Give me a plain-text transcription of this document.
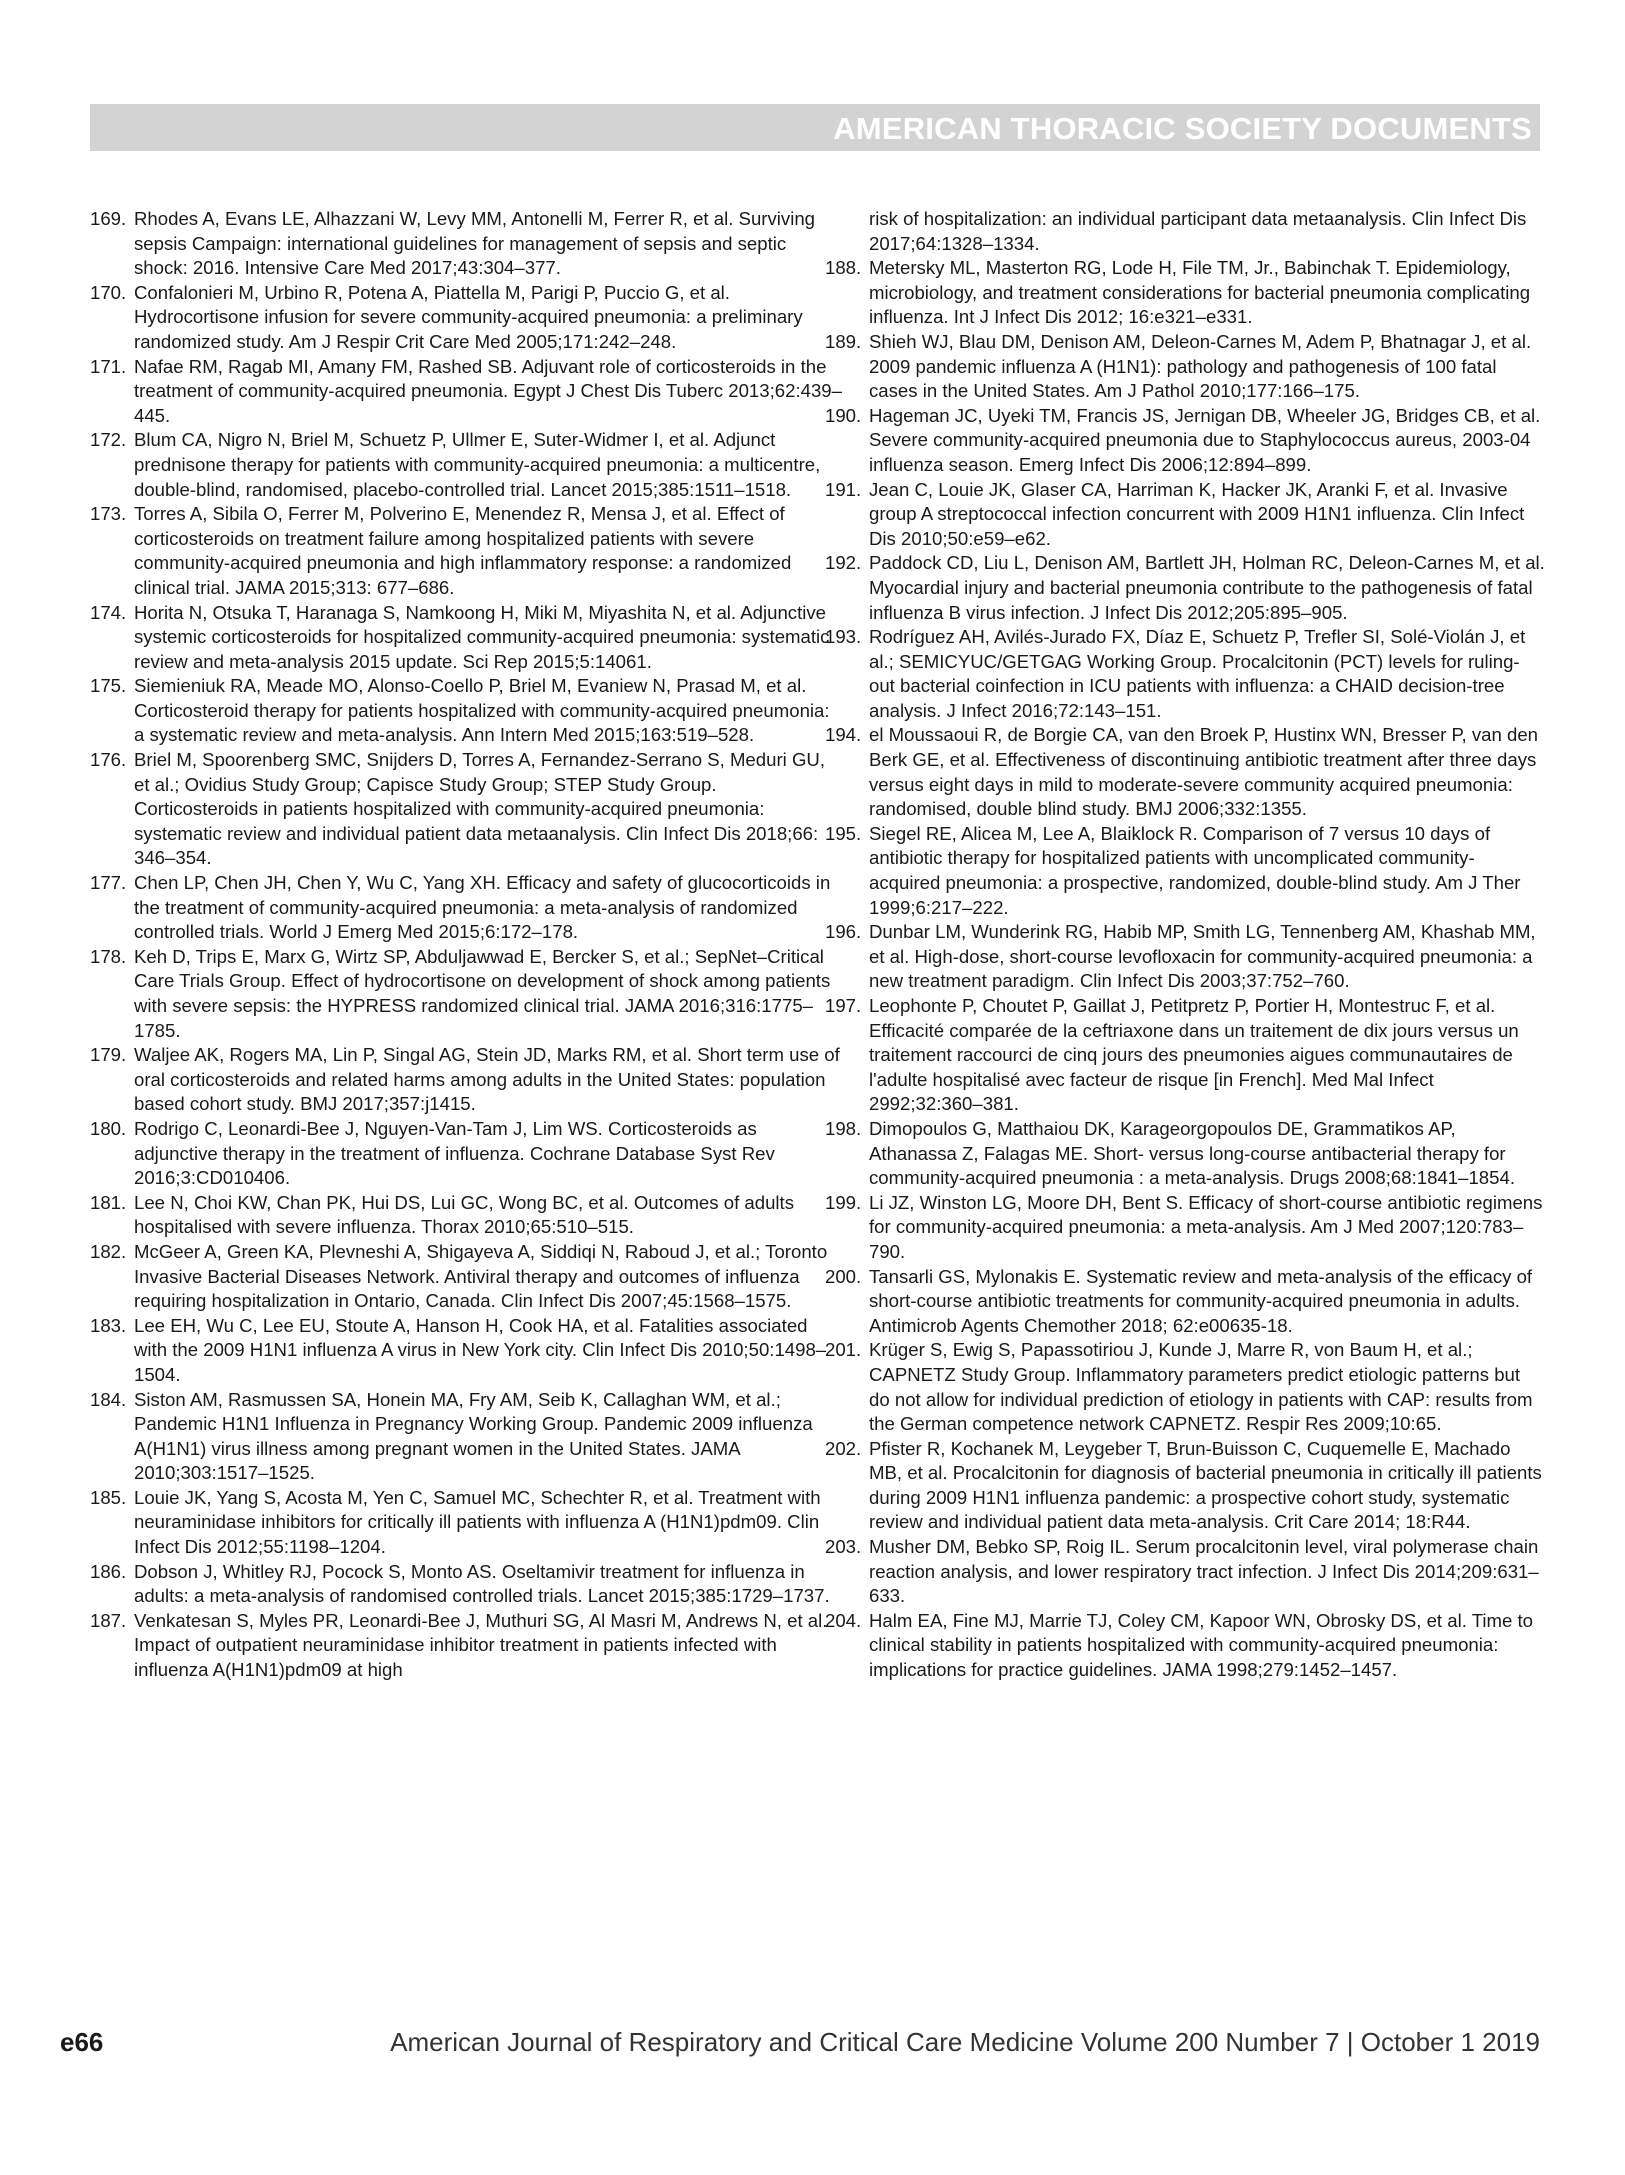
AMERICAN THORACIC SOCIETY DOCUMENTS
169. Rhodes A, Evans LE, Alhazzani W, Levy MM, Antonelli M, Ferrer R, et al. Surviving sepsis Campaign: international guidelines for management of sepsis and septic shock: 2016. Intensive Care Med 2017;43:304–377.
170. Confalonieri M, Urbino R, Potena A, Piattella M, Parigi P, Puccio G, et al. Hydrocortisone infusion for severe community-acquired pneumonia: a preliminary randomized study. Am J Respir Crit Care Med 2005;171:242–248.
171. Nafae RM, Ragab MI, Amany FM, Rashed SB. Adjuvant role of corticosteroids in the treatment of community-acquired pneumonia. Egypt J Chest Dis Tuberc 2013;62:439–445.
172. Blum CA, Nigro N, Briel M, Schuetz P, Ullmer E, Suter-Widmer I, et al. Adjunct prednisone therapy for patients with community-acquired pneumonia: a multicentre, double-blind, randomised, placebo-controlled trial. Lancet 2015;385:1511–1518.
173. Torres A, Sibila O, Ferrer M, Polverino E, Menendez R, Mensa J, et al. Effect of corticosteroids on treatment failure among hospitalized patients with severe community-acquired pneumonia and high inflammatory response: a randomized clinical trial. JAMA 2015;313: 677–686.
174. Horita N, Otsuka T, Haranaga S, Namkoong H, Miki M, Miyashita N, et al. Adjunctive systemic corticosteroids for hospitalized community-acquired pneumonia: systematic review and meta-analysis 2015 update. Sci Rep 2015;5:14061.
175. Siemieniuk RA, Meade MO, Alonso-Coello P, Briel M, Evaniew N, Prasad M, et al. Corticosteroid therapy for patients hospitalized with community-acquired pneumonia: a systematic review and meta-analysis. Ann Intern Med 2015;163:519–528.
176. Briel M, Spoorenberg SMC, Snijders D, Torres A, Fernandez-Serrano S, Meduri GU, et al.; Ovidius Study Group; Capisce Study Group; STEP Study Group. Corticosteroids in patients hospitalized with community-acquired pneumonia: systematic review and individual patient data metaanalysis. Clin Infect Dis 2018;66: 346–354.
177. Chen LP, Chen JH, Chen Y, Wu C, Yang XH. Efficacy and safety of glucocorticoids in the treatment of community-acquired pneumonia: a meta-analysis of randomized controlled trials. World J Emerg Med 2015;6:172–178.
178. Keh D, Trips E, Marx G, Wirtz SP, Abduljawwad E, Bercker S, et al.; SepNet–Critical Care Trials Group. Effect of hydrocortisone on development of shock among patients with severe sepsis: the HYPRESS randomized clinical trial. JAMA 2016;316:1775–1785.
179. Waljee AK, Rogers MA, Lin P, Singal AG, Stein JD, Marks RM, et al. Short term use of oral corticosteroids and related harms among adults in the United States: population based cohort study. BMJ 2017;357:j1415.
180. Rodrigo C, Leonardi-Bee J, Nguyen-Van-Tam J, Lim WS. Corticosteroids as adjunctive therapy in the treatment of influenza. Cochrane Database Syst Rev 2016;3:CD010406.
181. Lee N, Choi KW, Chan PK, Hui DS, Lui GC, Wong BC, et al. Outcomes of adults hospitalised with severe influenza. Thorax 2010;65:510–515.
182. McGeer A, Green KA, Plevneshi A, Shigayeva A, Siddiqi N, Raboud J, et al.; Toronto Invasive Bacterial Diseases Network. Antiviral therapy and outcomes of influenza requiring hospitalization in Ontario, Canada. Clin Infect Dis 2007;45:1568–1575.
183. Lee EH, Wu C, Lee EU, Stoute A, Hanson H, Cook HA, et al. Fatalities associated with the 2009 H1N1 influenza A virus in New York city. Clin Infect Dis 2010;50:1498–1504.
184. Siston AM, Rasmussen SA, Honein MA, Fry AM, Seib K, Callaghan WM, et al.; Pandemic H1N1 Influenza in Pregnancy Working Group. Pandemic 2009 influenza A(H1N1) virus illness among pregnant women in the United States. JAMA 2010;303:1517–1525.
185. Louie JK, Yang S, Acosta M, Yen C, Samuel MC, Schechter R, et al. Treatment with neuraminidase inhibitors for critically ill patients with influenza A (H1N1)pdm09. Clin Infect Dis 2012;55:1198–1204.
186. Dobson J, Whitley RJ, Pocock S, Monto AS. Oseltamivir treatment for influenza in adults: a meta-analysis of randomised controlled trials. Lancet 2015;385:1729–1737.
187. Venkatesan S, Myles PR, Leonardi-Bee J, Muthuri SG, Al Masri M, Andrews N, et al. Impact of outpatient neuraminidase inhibitor treatment in patients infected with influenza A(H1N1)pdm09 at high
risk of hospitalization: an individual participant data metaanalysis. Clin Infect Dis 2017;64:1328–1334.
188. Metersky ML, Masterton RG, Lode H, File TM, Jr., Babinchak T. Epidemiology, microbiology, and treatment considerations for bacterial pneumonia complicating influenza. Int J Infect Dis 2012; 16:e321–e331.
189. Shieh WJ, Blau DM, Denison AM, Deleon-Carnes M, Adem P, Bhatnagar J, et al. 2009 pandemic influenza A (H1N1): pathology and pathogenesis of 100 fatal cases in the United States. Am J Pathol 2010;177:166–175.
190. Hageman JC, Uyeki TM, Francis JS, Jernigan DB, Wheeler JG, Bridges CB, et al. Severe community-acquired pneumonia due to Staphylococcus aureus, 2003-04 influenza season. Emerg Infect Dis 2006;12:894–899.
191. Jean C, Louie JK, Glaser CA, Harriman K, Hacker JK, Aranki F, et al. Invasive group A streptococcal infection concurrent with 2009 H1N1 influenza. Clin Infect Dis 2010;50:e59–e62.
192. Paddock CD, Liu L, Denison AM, Bartlett JH, Holman RC, Deleon-Carnes M, et al. Myocardial injury and bacterial pneumonia contribute to the pathogenesis of fatal influenza B virus infection. J Infect Dis 2012;205:895–905.
193. Rodríguez AH, Avilés-Jurado FX, Díaz E, Schuetz P, Trefler SI, Solé-Violán J, et al.; SEMICYUC/GETGAG Working Group. Procalcitonin (PCT) levels for ruling-out bacterial coinfection in ICU patients with influenza: a CHAID decision-tree analysis. J Infect 2016;72:143–151.
194. el Moussaoui R, de Borgie CA, van den Broek P, Hustinx WN, Bresser P, van den Berk GE, et al. Effectiveness of discontinuing antibiotic treatment after three days versus eight days in mild to moderate-severe community acquired pneumonia: randomised, double blind study. BMJ 2006;332:1355.
195. Siegel RE, Alicea M, Lee A, Blaiklock R. Comparison of 7 versus 10 days of antibiotic therapy for hospitalized patients with uncomplicated community-acquired pneumonia: a prospective, randomized, double-blind study. Am J Ther 1999;6:217–222.
196. Dunbar LM, Wunderink RG, Habib MP, Smith LG, Tennenberg AM, Khashab MM, et al. High-dose, short-course levofloxacin for community-acquired pneumonia: a new treatment paradigm. Clin Infect Dis 2003;37:752–760.
197. Leophonte P, Choutet P, Gaillat J, Petitpretz P, Portier H, Montestruc F, et al. Efficacité comparée de la ceftriaxone dans un traitement de dix jours versus un traitement raccourci de cinq jours des pneumonies aigues communautaires de l'adulte hospitalisé avec facteur de risque [in French]. Med Mal Infect 2992;32:360–381.
198. Dimopoulos G, Matthaiou DK, Karageorgopoulos DE, Grammatikos AP, Athanassa Z, Falagas ME. Short- versus long-course antibacterial therapy for community-acquired pneumonia : a meta-analysis. Drugs 2008;68:1841–1854.
199. Li JZ, Winston LG, Moore DH, Bent S. Efficacy of short-course antibiotic regimens for community-acquired pneumonia: a meta-analysis. Am J Med 2007;120:783–790.
200. Tansarli GS, Mylonakis E. Systematic review and meta-analysis of the efficacy of short-course antibiotic treatments for community-acquired pneumonia in adults. Antimicrob Agents Chemother 2018; 62:e00635-18.
201. Krüger S, Ewig S, Papassotiriou J, Kunde J, Marre R, von Baum H, et al.; CAPNETZ Study Group. Inflammatory parameters predict etiologic patterns but do not allow for individual prediction of etiology in patients with CAP: results from the German competence network CAPNETZ. Respir Res 2009;10:65.
202. Pfister R, Kochanek M, Leygeber T, Brun-Buisson C, Cuquemelle E, Machado MB, et al. Procalcitonin for diagnosis of bacterial pneumonia in critically ill patients during 2009 H1N1 influenza pandemic: a prospective cohort study, systematic review and individual patient data meta-analysis. Crit Care 2014; 18:R44.
203. Musher DM, Bebko SP, Roig IL. Serum procalcitonin level, viral polymerase chain reaction analysis, and lower respiratory tract infection. J Infect Dis 2014;209:631–633.
204. Halm EA, Fine MJ, Marrie TJ, Coley CM, Kapoor WN, Obrosky DS, et al. Time to clinical stability in patients hospitalized with community-acquired pneumonia: implications for practice guidelines. JAMA 1998;279:1452–1457.
e66	American Journal of Respiratory and Critical Care Medicine Volume 200 Number 7 | October 1 2019
